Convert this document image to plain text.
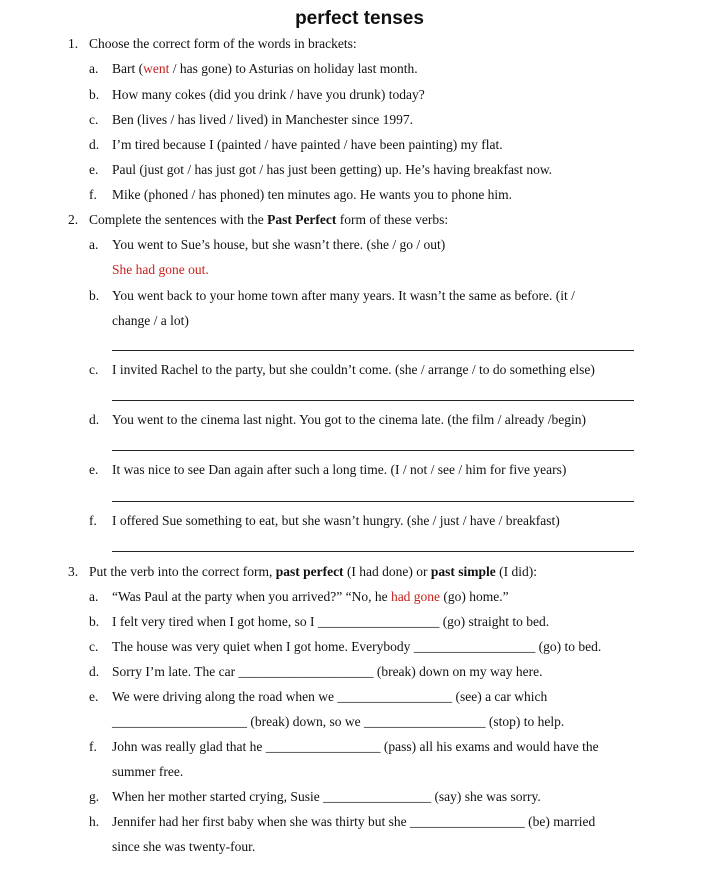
perfect tenses
1. Choose the correct form of the words in brackets:
a. Bart (went / has gone) to Asturias on holiday last month.
b. How many cokes (did you drink / have you drunk) today?
c. Ben (lives / has lived / lived) in Manchester since 1997.
d. I’m tired because I (painted / have painted / have been painting) my flat.
e. Paul (just got / has just got / has just been getting) up. He’s having breakfast now.
f. Mike (phoned / has phoned) ten minutes ago. He wants you to phone him.
2. Complete the sentences with the Past Perfect form of these verbs:
a. You went to Sue’s house, but she wasn’t there. (she / go / out)
She had gone out.
b. You went back to your home town after many years. It wasn’t the same as before. (it /
change / a lot)
c. I invited Rachel to the party, but she couldn’t come. (she / arrange / to do something else)
d. You went to the cinema last night. You got to the cinema late. (the film / already /begin)
e. It was nice to see Dan again after such a long time. (I / not / see / him for five years)
f. I offered Sue something to eat, but she wasn’t hungry. (she / just / have / breakfast)
3. Put the verb into the correct form, past perfect (I had done) or past simple (I did):
a. “Was Paul at the party when you arrived?” “No, he had gone (go) home.”
b. I felt very tired when I got home, so I __________________ (go) straight to bed.
c. The house was very quiet when I got home. Everybody __________________ (go) to bed.
d. Sorry I’m late. The car ____________________ (break) down on my way here.
e. We were driving along the road when we _________________ (see) a car which
____________________ (break) down, so we __________________ (stop) to help.
f. John was really glad that he _________________ (pass) all his exams and would have the
summer free.
g. When her mother started crying, Susie ________________ (say) she was sorry.
h. Jennifer had her first baby when she was thirty but she _________________ (be) married
since she was twenty-four.
